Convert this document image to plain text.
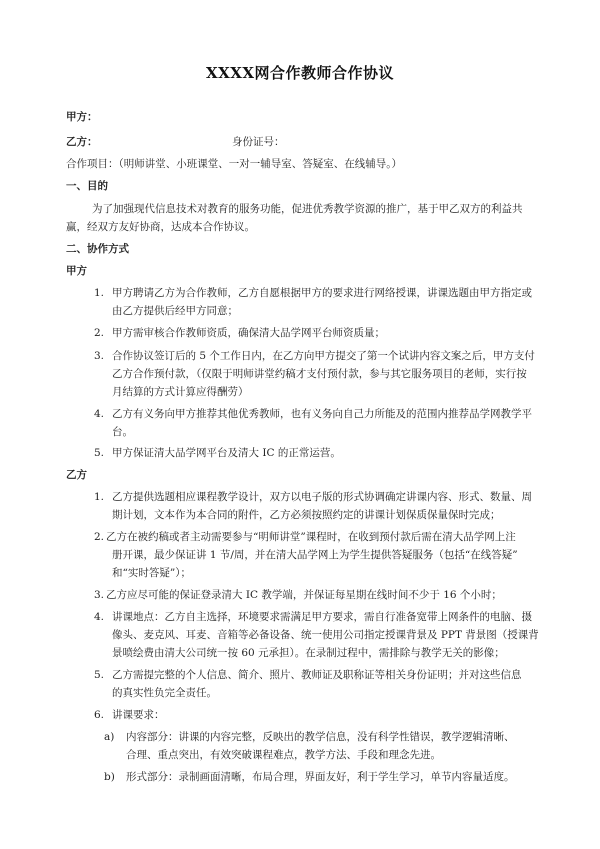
XXXX网合作教师合作协议
甲方：
乙方：	身份证号：
合作项目：（明师讲堂、小班课堂、一对一辅导室、答疑室、在线辅导。）
一、目的
为了加强现代信息技术对教育的服务功能，促进优秀教学资源的推广，基于甲乙双方的利益共
赢，经双方友好协商，达成本合作协议。
二、协作方式
甲方
1. 甲方聘请乙方为合作教师，乙方自愿根据甲方的要求进行网络授课，讲课选题由甲方指定或
由乙方提供后经甲方同意；
2. 甲方需审核合作教师资质，确保清大品学网平台师资质量；
3. 合作协议签订后的 5 个工作日内，在乙方向甲方提交了第一个试讲内容文案之后，甲方支付
乙方合作预付款，（仅限于明师讲堂约稿才支付预付款，参与其它服务项目的老师，实行按
月结算的方式计算应得酬劳）
4. 乙方有义务向甲方推荐其他优秀教师，也有义务向自己力所能及的范围内推荐品学网教学平
台。
5. 甲方保证清大品学网平台及清大 IC 的正常运营。
乙方
1. 乙方提供选题相应课程教学设计，双方以电子版的形式协调确定讲课内容、形式、数量、周
期计划，文本作为本合同的附件，乙方必须按照约定的讲课计划保质保量保时完成；
2. 乙方在被约稿或者主动需要参与“明师讲堂”课程时，在收到预付款后需在清大品学网上注
册开课，最少保证讲 1 节/周，并在清大品学网上为学生提供答疑服务（包括“在线答疑”
和“实时答疑”）；
3. 乙方应尽可能的保证登录清大 IC 教学端，并保证每星期在线时间不少于 16 个小时；
4. 讲课地点：乙方自主选择，环境要求需满足甲方要求，需自行准备宽带上网条件的电脑、摄
像头、麦克风、耳麦、音箱等必备设备、统一使用公司指定授课背景及 PPT 背景图（授课背
景喷绘费由清大公司统一按 60 元承担）。在录制过程中，需排除与教学无关的影像；
5. 乙方需提完整的个人信息、简介、照片、教师证及职称证等相关身份证明；并对这些信息
的真实性负完全责任。
6. 讲课要求：
a) 内容部分：讲课的内容完整，反映出的教学信息，没有科学性错误，教学逻辑清晰、
合理、重点突出，有效突破课程难点，教学方法、手段和理念先进。
b) 形式部分：录制画面清晰，布局合理，界面友好，利于学生学习，单节内容量适度。
